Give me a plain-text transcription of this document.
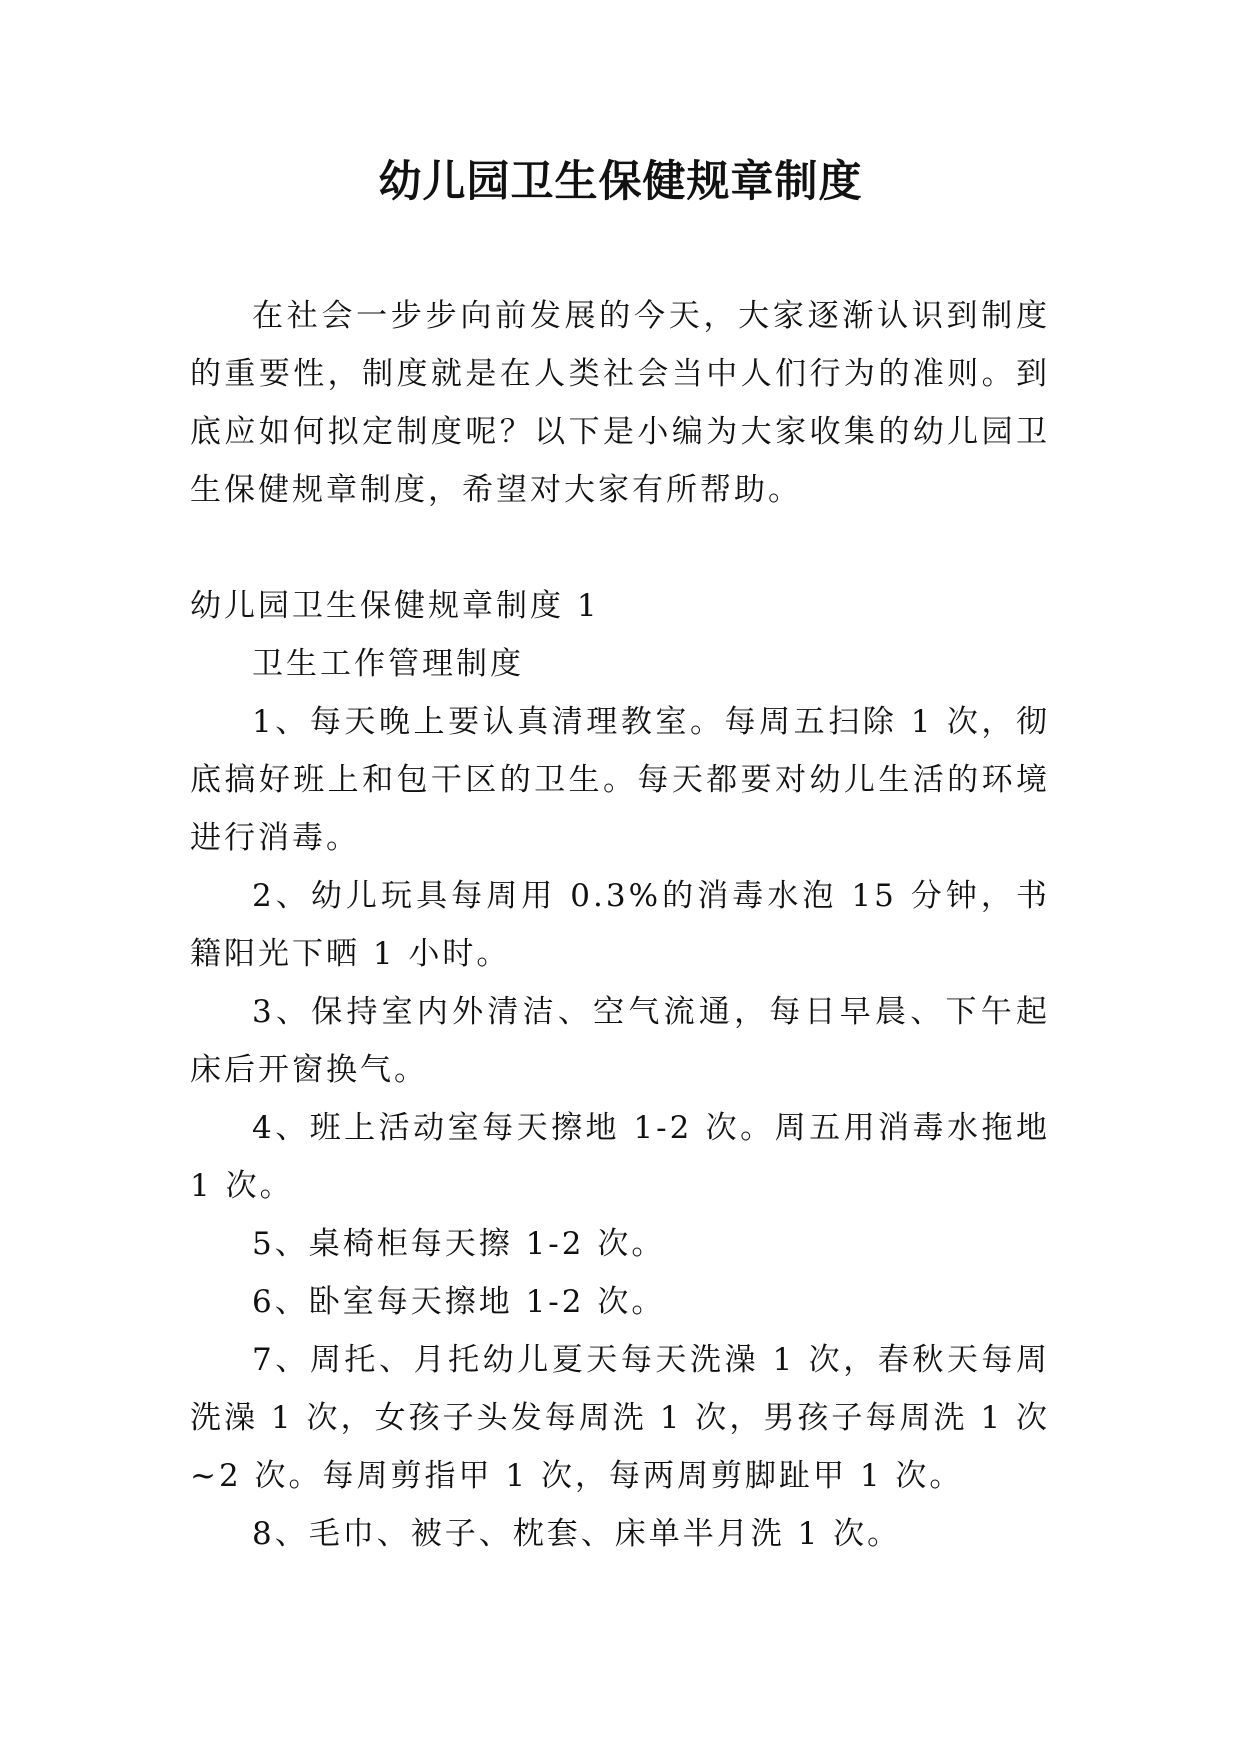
幼儿园卫生保健规章制度

在社会一步步向前发展的今天，大家逐渐认识到制度的重要性，制度就是在人类社会当中人们行为的准则。到底应如何拟定制度呢？以下是小编为大家收集的幼儿园卫生保健规章制度，希望对大家有所帮助。

幼儿园卫生保健规章制度 1

卫生工作管理制度

1、每天晚上要认真清理教室。每周五扫除 1 次，彻底搞好班上和包干区的卫生。每天都要对幼儿生活的环境进行消毒。

2、幼儿玩具每周用 0.3%的消毒水泡 15 分钟，书籍阳光下晒 1 小时。

3、保持室内外清洁、空气流通，每日早晨、下午起床后开窗换气。

4、班上活动室每天擦地 1-2 次。周五用消毒水拖地 1 次。

5、桌椅柜每天擦 1-2 次。

6、卧室每天擦地 1-2 次。

7、周托、月托幼儿夏天每天洗澡 1 次，春秋天每周洗澡 1 次，女孩子头发每周洗 1 次，男孩子每周洗 1 次~2 次。每周剪指甲 1 次，每两周剪脚趾甲 1 次。

8、毛巾、被子、枕套、床单半月洗 1 次。
